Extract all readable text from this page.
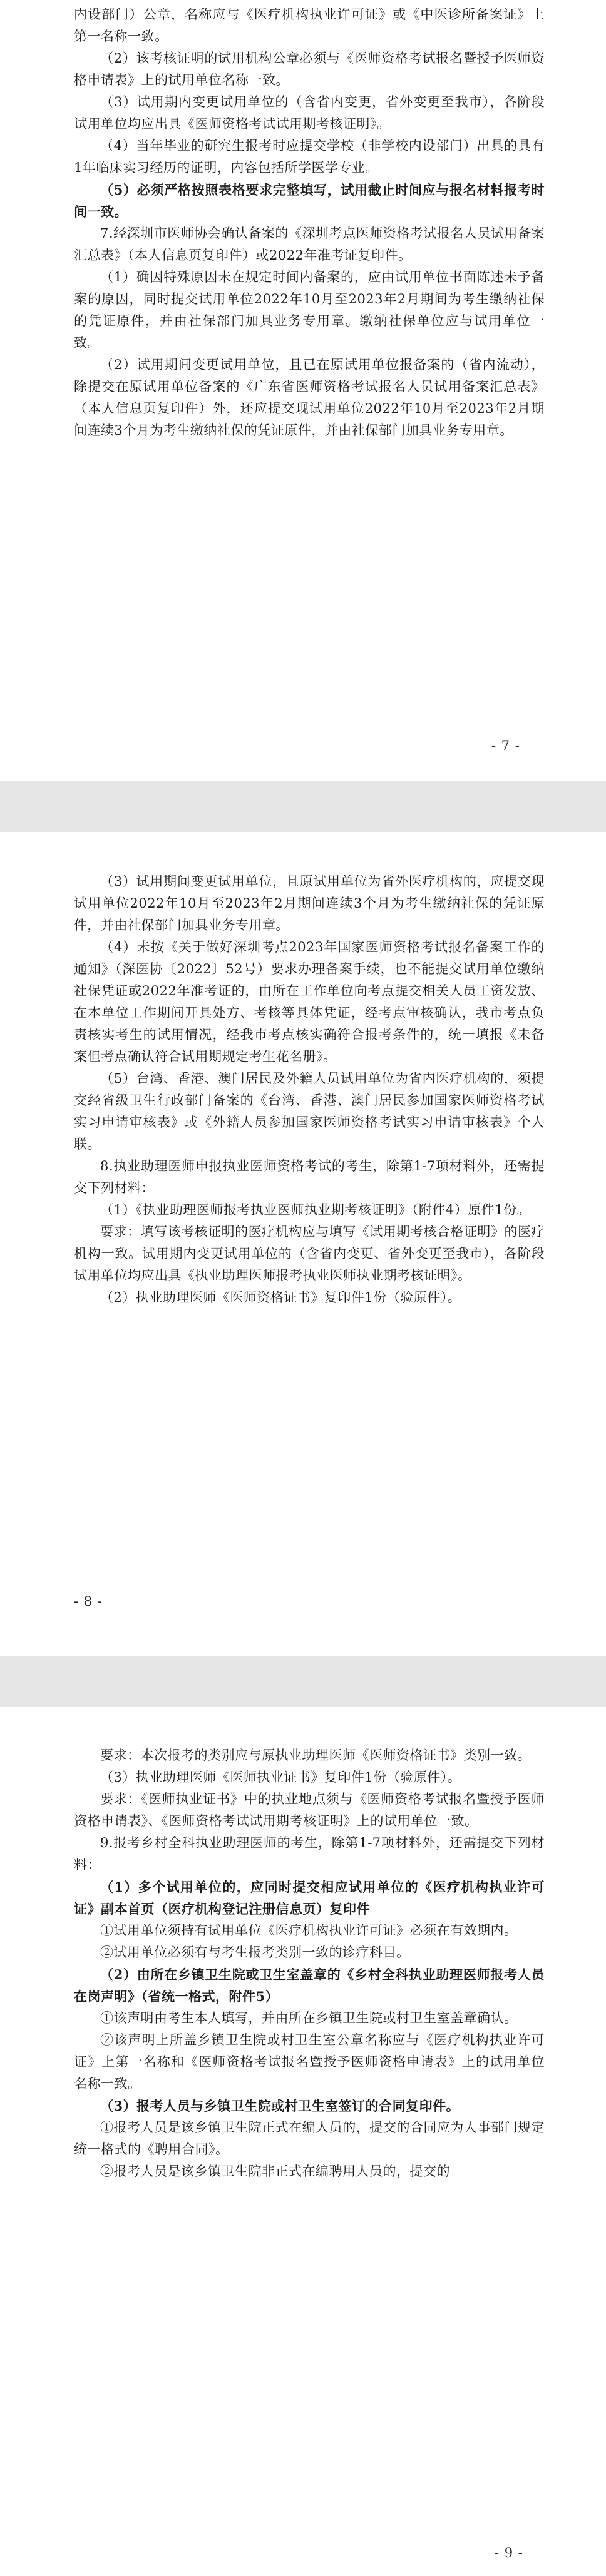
内设部门）公章，名称应与《医疗机构执业许可证》或《中医诊所备案证》上第一名称一致。

（2）该考核证明的试用机构公章必须与《医师资格考试报名暨授予医师资格申请表》上的试用单位名称一致。

（3）试用期内变更试用单位的（含省内变更，省外变更至我市），各阶段试用单位均应出具《医师资格考试试用期考核证明》。

（4）当年毕业的研究生报考时应提交学校（非学校内设部门）出具的具有1年临床实习经历的证明，内容包括所学医学专业。

（5）必须严格按照表格要求完整填写，试用截止时间应与报名材料报考时间一致。

7.经深圳市医师协会确认备案的《深圳考点医师资格考试报名人员试用备案汇总表》（本人信息页复印件）或2022年准考证复印件。

（1）确因特殊原因未在规定时间内备案的，应由试用单位书面陈述未予备案的原因，同时提交试用单位2022年10月至2023年2月期间为考生缴纳社保的凭证原件，并由社保部门加具业务专用章。缴纳社保单位应与试用单位一致。

（2）试用期间变更试用单位，且已在原试用单位报备案的（省内流动），除提交在原试用单位备案的《广东省医师资格考试报名人员试用备案汇总表》（本人信息页复印件）外，还应提交现试用单位2022年10月至2023年2月期间连续3个月为考生缴纳社保的凭证原件，并由社保部门加具业务专用章。

- 7 -

（3）试用期间变更试用单位，且原试用单位为省外医疗机构的，应提交现试用单位2022年10月至2023年2月期间连续3个月为考生缴纳社保的凭证原件，并由社保部门加具业务专用章。

（4）未按《关于做好深圳考点2023年国家医师资格考试报名备案工作的通知》（深医协〔2022〕52号）要求办理备案手续，也不能提交试用单位缴纳社保凭证或2022年准考证的，由所在工作单位向考点提交相关人员工资发放、在本单位工作期间开具处方、考核等具体凭证，经考点审核确认，我市考点负责核实考生的试用情况，经我市考点核实确符合报考条件的，统一填报《未备案但考点确认符合试用期规定考生花名册》。

（5）台湾、香港、澳门居民及外籍人员试用单位为省内医疗机构的，须提交经省级卫生行政部门备案的《台湾、香港、澳门居民参加国家医师资格考试实习申请审核表》或《外籍人员参加国家医师资格考试实习申请审核表》个人联。

8.执业助理医师申报执业医师资格考试的考生，除第1-7项材料外，还需提交下列材料：

（1）《执业助理医师报考执业医师执业期考核证明》（附件4）原件1份。

要求：填写该考核证明的医疗机构应与填写《试用期考核合格证明》的医疗机构一致。试用期内变更试用单位的（含省内变更、省外变更至我市），各阶段试用单位均应出具《执业助理医师报考执业医师执业期考核证明》。

（2）执业助理医师《医师资格证书》复印件1份（验原件）。

- 8 -

要求：本次报考的类别应与原执业助理医师《医师资格证书》类别一致。

（3）执业助理医师《医师执业证书》复印件1份（验原件）。

要求：《医师执业证书》中的执业地点须与《医师资格考试报名暨授予医师资格申请表》、《医师资格考试试用期考核证明》上的试用单位一致。

9.报考乡村全科执业助理医师的考生，除第1-7项材料外，还需提交下列材料：

（1）多个试用单位的，应同时提交相应试用单位的《医疗机构执业许可证》副本首页（医疗机构登记注册信息页）复印件

①试用单位须持有试用单位《医疗机构执业许可证》必须在有效期内。

②试用单位必须有与考生报考类别一致的诊疗科目。

（2）由所在乡镇卫生院或卫生室盖章的《乡村全科执业助理医师报考人员在岗声明》（省统一格式，附件5）

①该声明由考生本人填写，并由所在乡镇卫生院或村卫生室盖章确认。

②该声明上所盖乡镇卫生院或村卫生室公章名称应与《医疗机构执业许可证》上第一名称和《医师资格考试报名暨授予医师资格申请表》上的试用单位名称一致。

（3）报考人员与乡镇卫生院或村卫生室签订的合同复印件。

①报考人员是该乡镇卫生院正式在编人员的，提交的合同应为人事部门规定统一格式的《聘用合同》。

②报考人员是该乡镇卫生院非正式在编聘用人员的，提交的

- 9 -
